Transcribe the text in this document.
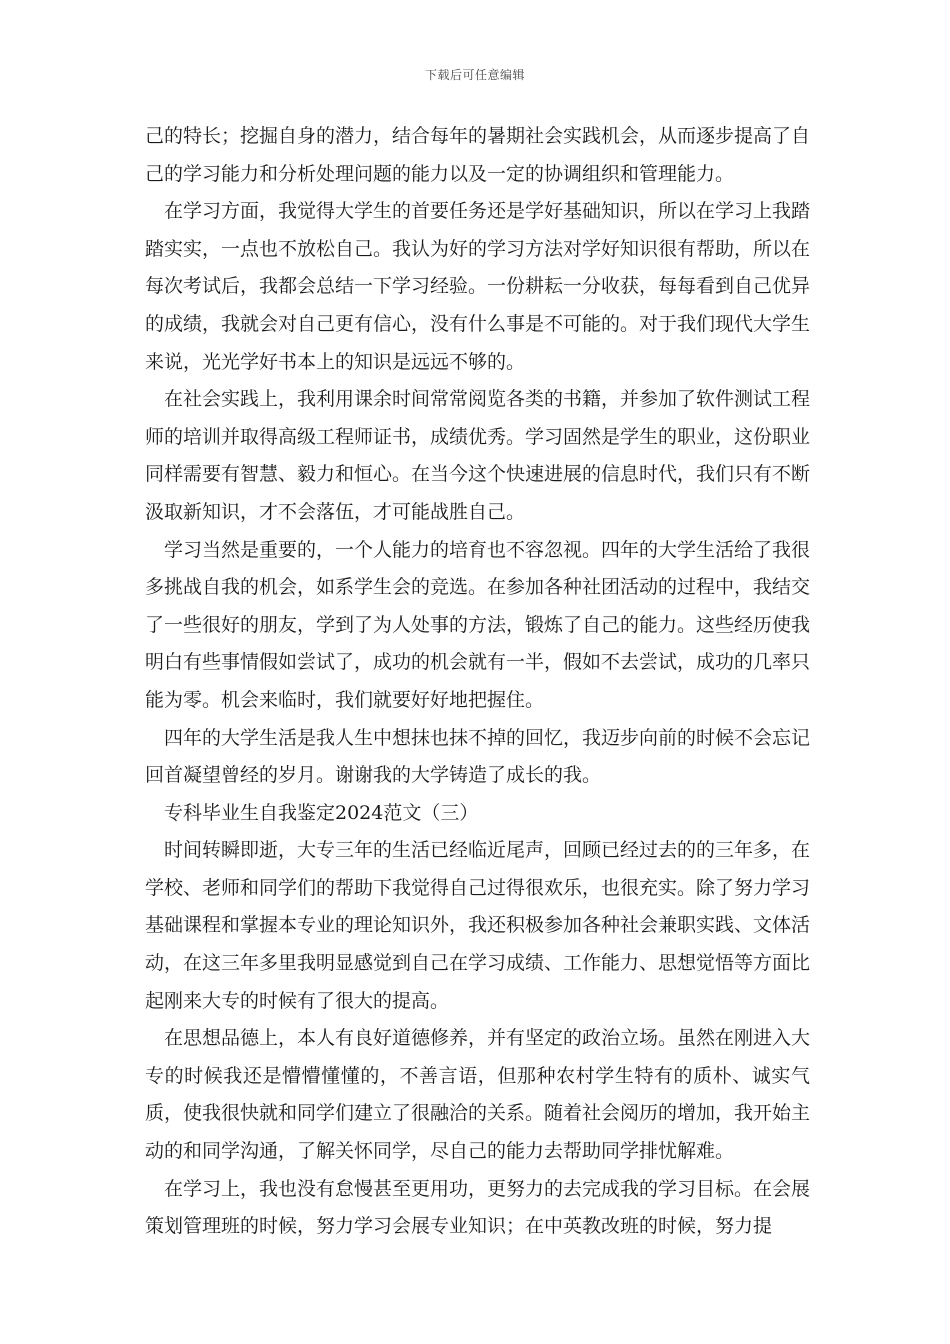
下载后可任意编辑

己的特长；挖掘自身的潜力，结合每年的暑期社会实践机会，从而逐步提高了自己的学习能力和分析处理问题的能力以及一定的协调组织和管理能力。

在学习方面，我觉得大学生的首要任务还是学好基础知识，所以在学习上我踏踏实实，一点也不放松自己。我认为好的学习方法对学好知识很有帮助，所以在每次考试后，我都会总结一下学习经验。一份耕耘一分收获，每每看到自己优异的成绩，我就会对自己更有信心，没有什么事是不可能的。对于我们现代大学生来说，光光学好书本上的知识是远远不够的。

在社会实践上，我利用课余时间常常阅览各类的书籍，并参加了软件测试工程师的培训并取得高级工程师证书，成绩优秀。学习固然是学生的职业，这份职业同样需要有智慧、毅力和恒心。在当今这个快速进展的信息时代，我们只有不断汲取新知识，才不会落伍，才可能战胜自己。

学习当然是重要的，一个人能力的培育也不容忽视。四年的大学生活给了我很多挑战自我的机会，如系学生会的竞选。在参加各种社团活动的过程中，我结交了一些很好的朋友，学到了为人处事的方法，锻炼了自己的能力。这些经历使我明白有些事情假如尝试了，成功的机会就有一半，假如不去尝试，成功的几率只能为零。机会来临时，我们就要好好地把握住。

四年的大学生活是我人生中想抹也抹不掉的回忆，我迈步向前的时候不会忘记回首凝望曾经的岁月。谢谢我的大学铸造了成长的我。

专科毕业生自我鉴定2024范文（三）

时间转瞬即逝，大专三年的生活已经临近尾声，回顾已经过去的的三年多，在学校、老师和同学们的帮助下我觉得自己过得很欢乐，也很充实。除了努力学习基础课程和掌握本专业的理论知识外，我还积极参加各种社会兼职实践、文体活动，在这三年多里我明显感觉到自己在学习成绩、工作能力、思想觉悟等方面比起刚来大专的时候有了很大的提高。

在思想品德上，本人有良好道德修养，并有坚定的政治立场。虽然在刚进入大专的时候我还是懵懵懂懂的，不善言语，但那种农村学生特有的质朴、诚实气质，使我很快就和同学们建立了很融洽的关系。随着社会阅历的增加，我开始主动的和同学沟通，了解关怀同学，尽自己的能力去帮助同学排忧解难。

在学习上，我也没有怠慢甚至更用功，更努力的去完成我的学习目标。在会展策划管理班的时候，努力学习会展专业知识；在中英教改班的时候，努力提
